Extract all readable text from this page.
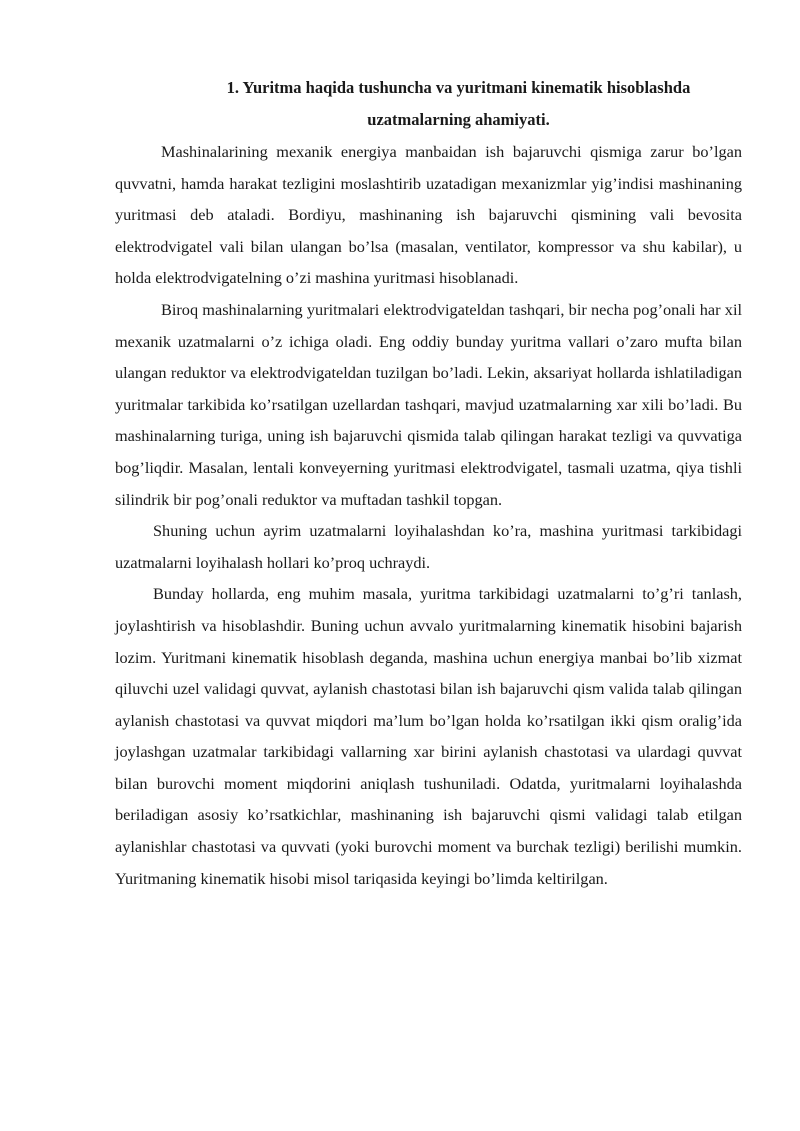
1. Yuritma haqida tushuncha va yuritmani kinematik hisoblashda
uzatmalarning ahamiyati.

Mashinalarining mexanik energiya manbaidan ish bajaruvchi qismiga zarur bo’lgan quvvatni, hamda harakat tezligini moslashtirib uzatadigan mexanizmlar yig’indisi mashinaning yuritmasi deb ataladi. Bordiyu, mashinaning ish bajaruvchi qismining vali bevosita elektrodvigatel vali bilan ulangan bo’lsa (masalan, ventilator, kompressor va shu kabilar), u holda elektrodvigatelning o’zi mashina yuritmasi hisoblanadi.

Biroq mashinalarning yuritmalari elektrodvigateldan tashqari, bir necha pog’onali har xil mexanik uzatmalarni o’z ichiga oladi. Eng oddiy bunday yuritma vallari o’zaro mufta bilan ulangan reduktor va elektrodvigateldan tuzilgan bo’ladi. Lekin, aksariyat hollarda ishlatiladigan yuritmalar tarkibida ko’rsatilgan uzellardan tashqari, mavjud uzatmalarning xar xili bo’ladi. Bu mashinalarning turiga, uning ish bajaruvchi qismida talab qilingan harakat tezligi va quvvatiga bog’liqdir. Masalan, lentali konveyerning yuritmasi elektrodvigatel, tasmali uzatma, qiya tishli silindrik bir pog’onali reduktor va muftadan tashkil topgan.

Shuning uchun ayrim uzatmalarni loyihalashdan ko’ra, mashina yuritmasi tarkibidagi uzatmalarni loyihalash hollari ko’proq uchraydi.

Bunday hollarda, eng muhim masala, yuritma tarkibidagi uzatmalarni to’g’ri tanlash, joylashtirish va hisoblashdir. Buning uchun avvalo yuritmalarning kinematik hisobini bajarish lozim. Yuritmani kinematik hisoblash deganda, mashina uchun energiya manbai bo’lib xizmat qiluvchi uzel validagi quvvat, aylanish chastotasi bilan ish bajaruvchi qism valida talab qilingan aylanish chastotasi va quvvat miqdori ma’lum bo’lgan holda ko’rsatilgan ikki qism oralig’ida joylashgan uzatmalar tarkibidagi vallarning xar birini aylanish chastotasi va ulardagi quvvat bilan burovchi moment miqdorini aniqlash tushuniladi. Odatda, yuritmalarni loyihalashda beriladigan asosiy ko’rsatkichlar, mashinaning ish bajaruvchi qismi validagi talab etilgan aylanishlar chastotasi va quvvati (yoki burovchi moment va burchak tezligi) berilishi mumkin. Yuritmaning kinematik hisobi misol tariqasida keyingi bo’limda keltirilgan.
